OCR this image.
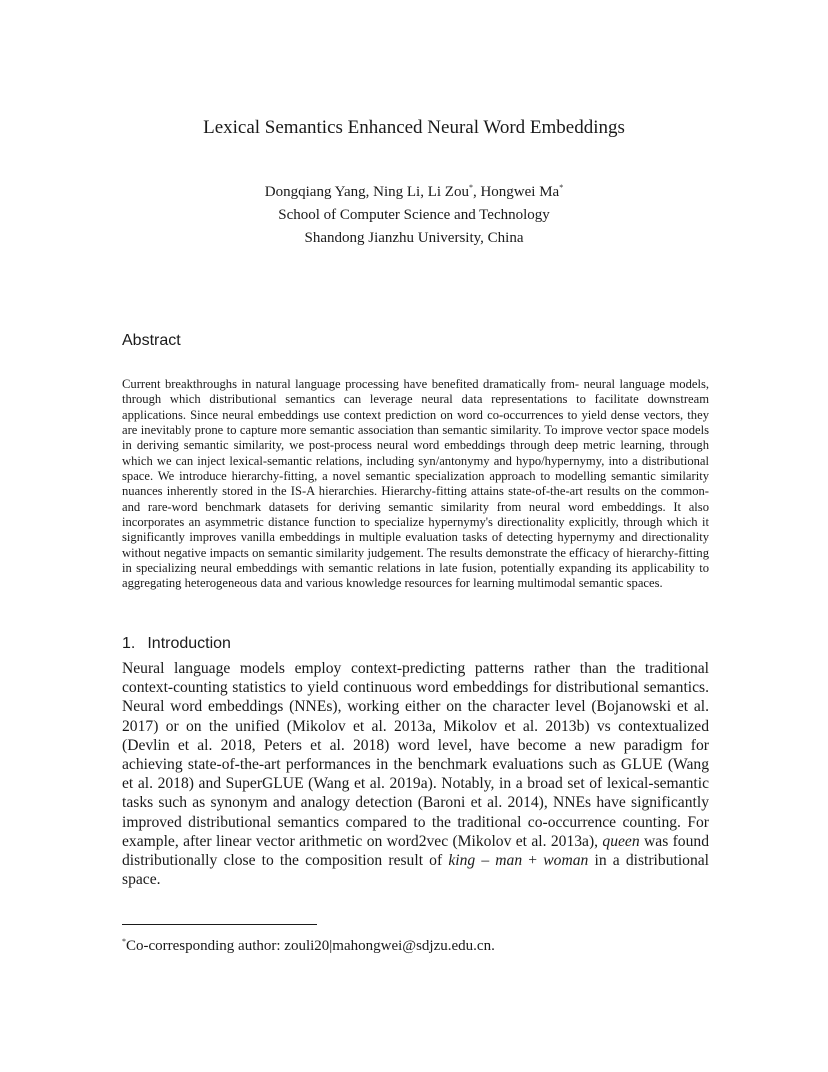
Lexical Semantics Enhanced Neural Word Embeddings
Dongqiang Yang, Ning Li, Li Zou*, Hongwei Ma*
School of Computer Science and Technology
Shandong Jianzhu University, China
Abstract
Current breakthroughs in natural language processing have benefited dramatically from- neural language models, through which distributional semantics can leverage neural data representations to facilitate downstream applications. Since neural embeddings use context prediction on word co-occurrences to yield dense vectors, they are inevitably prone to capture more semantic association than semantic similarity. To improve vector space models in deriving semantic similarity, we post-process neural word embeddings through deep metric learning, through which we can inject lexical-semantic relations, including syn/antonymy and hypo/hypernymy, into a distributional space. We introduce hierarchy-fitting, a novel semantic specialization approach to modelling semantic similarity nuances inherently stored in the IS-A hierarchies. Hierarchy-fitting attains state-of-the-art results on the common- and rare-word benchmark datasets for deriving semantic similarity from neural word embeddings. It also incorporates an asymmetric distance function to specialize hypernymy's directionality explicitly, through which it significantly improves vanilla embeddings in multiple evaluation tasks of detecting hypernymy and directionality without negative impacts on semantic similarity judgement. The results demonstrate the efficacy of hierarchy-fitting in specializing neural embeddings with semantic relations in late fusion, potentially expanding its applicability to aggregating heterogeneous data and various knowledge resources for learning multimodal semantic spaces.
1. Introduction
Neural language models employ context-predicting patterns rather than the traditional context-counting statistics to yield continuous word embeddings for distributional semantics. Neural word embeddings (NNEs), working either on the character level (Bojanowski et al. 2017) or on the unified (Mikolov et al. 2013a, Mikolov et al. 2013b) vs contextualized (Devlin et al. 2018, Peters et al. 2018) word level, have become a new paradigm for achieving state-of-the-art performances in the benchmark evaluations such as GLUE (Wang et al. 2018) and SuperGLUE (Wang et al. 2019a). Notably, in a broad set of lexical-semantic tasks such as synonym and analogy detection (Baroni et al. 2014), NNEs have significantly improved distributional semantics compared to the traditional co-occurrence counting. For example, after linear vector arithmetic on word2vec (Mikolov et al. 2013a), queen was found distributionally close to the composition result of king – man + woman in a distributional space.
*Co-corresponding author: zouli20|mahongwei@sdjzu.edu.cn.
